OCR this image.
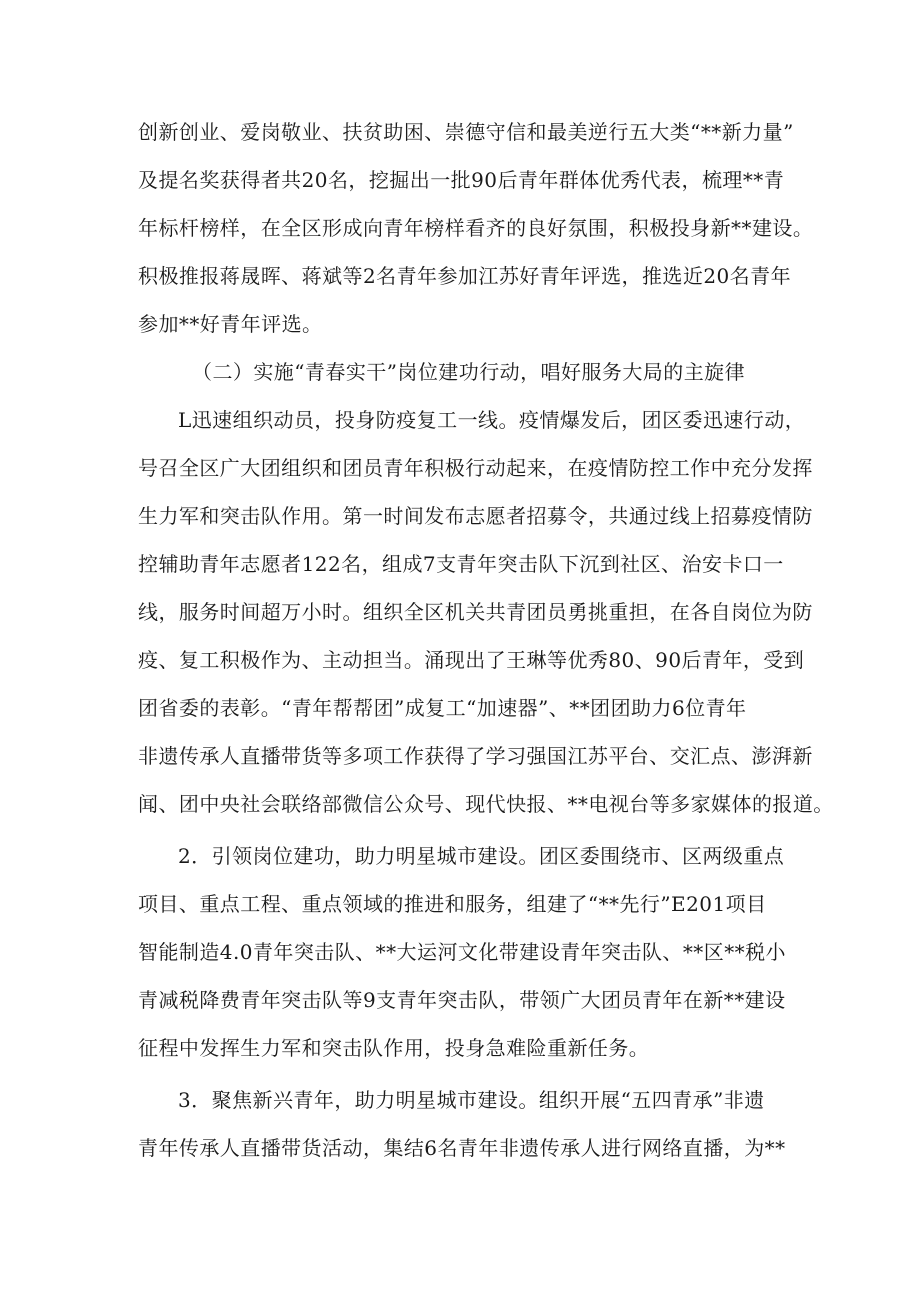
创新创业、爱岗敬业、扶贫助困、崇德守信和最美逆行五大类“**新力量”
及提名奖获得者共20名，挖掘出一批90后青年群体优秀代表，梳理**青
年标杆榜样，在全区形成向青年榜样看齐的良好氛围，积极投身新**建设。
积极推报蒋晟晖、蒋斌等2名青年参加江苏好青年评选，推选近20名青年
参加**好青年评选。
（二）实施“青春实干”岗位建功行动，唱好服务大局的主旋律
L迅速组织动员，投身防疫复工一线。疫情爆发后，团区委迅速行动，
号召全区广大团组织和团员青年积极行动起来，在疫情防控工作中充分发挥
生力军和突击队作用。第一时间发布志愿者招募令，共通过线上招募疫情防
控辅助青年志愿者122名，组成7支青年突击队下沉到社区、治安卡口一
线，服务时间超万小时。组织全区机关共青团员勇挑重担，在各自岗位为防
疫、复工积极作为、主动担当。涌现出了王琳等优秀80、90后青年，受到
团省委的表彰。“青年帮帮团”成复工“加速器”、**团团助力6位青年
非遗传承人直播带货等多项工作获得了学习强国江苏平台、交汇点、澎湃新
闻、团中央社会联络部微信公众号、现代快报、**电视台等多家媒体的报道。
2．引领岗位建功，助力明星城市建设。团区委围绕市、区两级重点
项目、重点工程、重点领域的推进和服务，组建了“**先行”E201项目
智能制造4.0青年突击队、**大运河文化带建设青年突击队、**区**税小
青减税降费青年突击队等9支青年突击队，带领广大团员青年在新**建设
征程中发挥生力军和突击队作用，投身急难险重新任务。
3．聚焦新兴青年，助力明星城市建设。组织开展“五四青承”非遗
青年传承人直播带货活动，集结6名青年非遗传承人进行网络直播，为**
